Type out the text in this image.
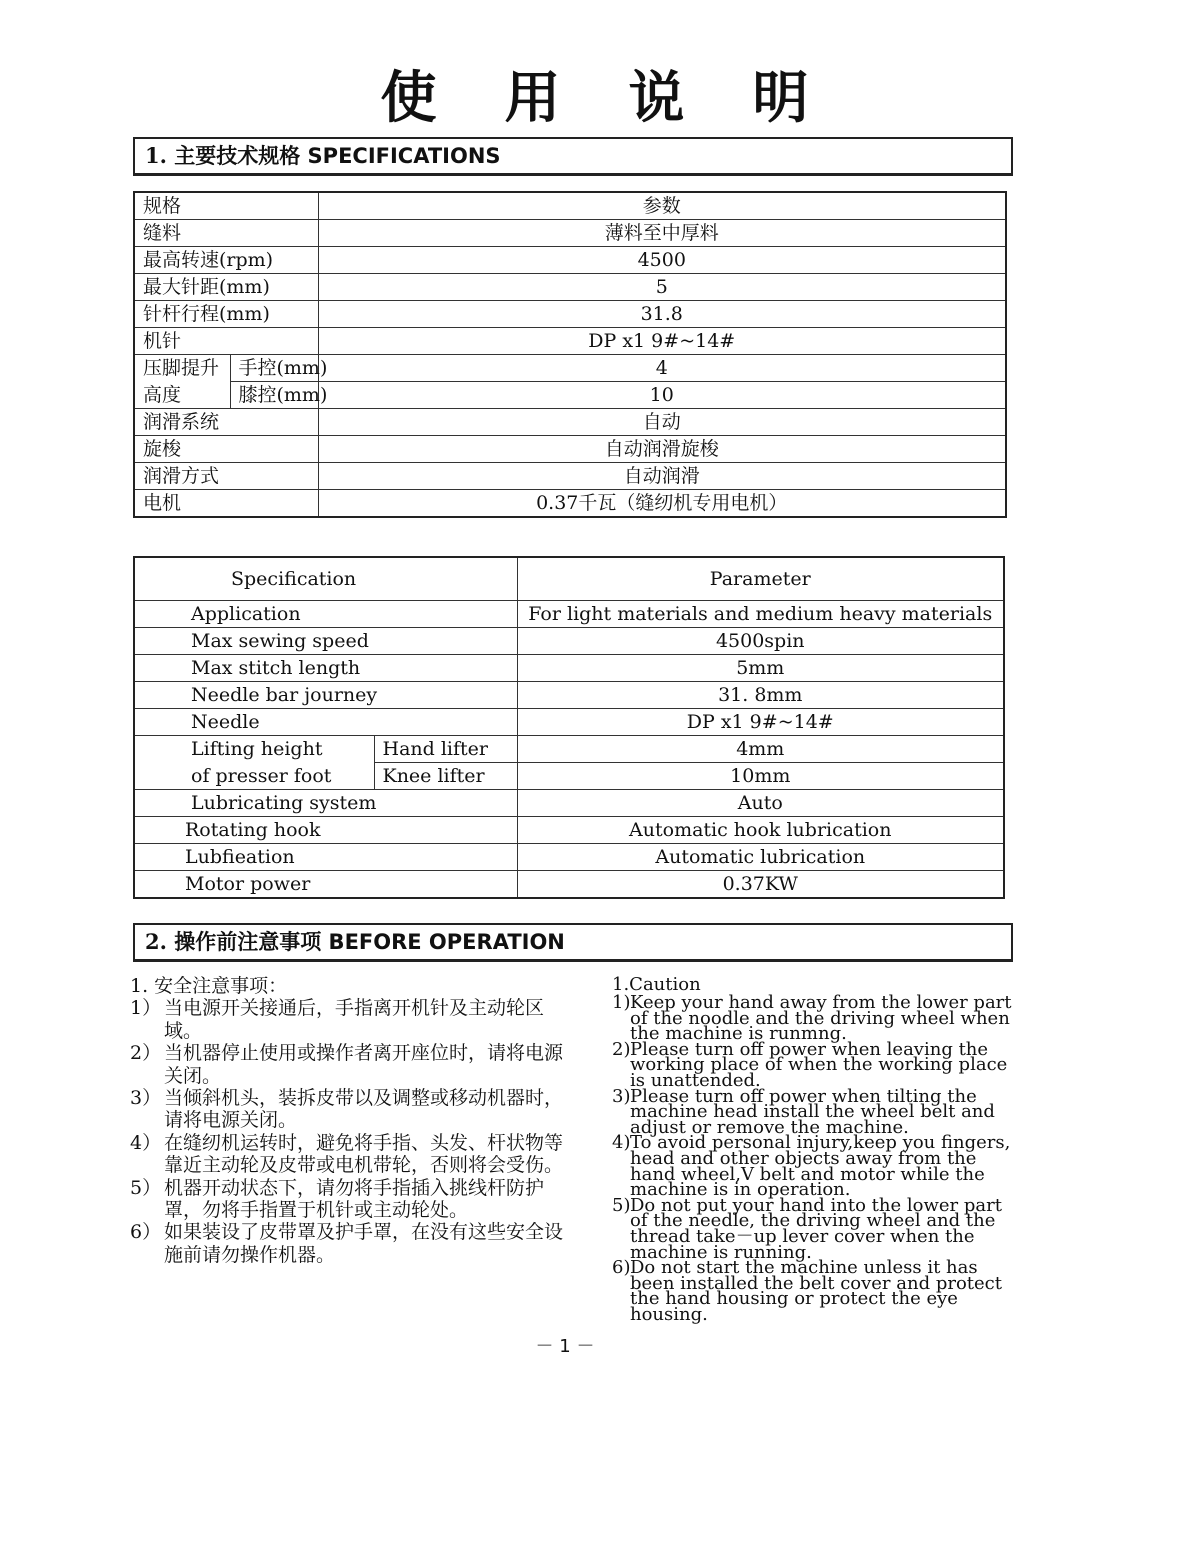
使 用 说 明
1. 主要技术规格 SPECIFICATIONS
规格		参数
缝料		薄料至中厚料
最高转速(rpm)		4500
最大针距(mm)		5
针杆行程(mm)		31.8
机针		DP x1 9#~14#
压脚提升	手控(mm)	4
高度	膝控(mm)	10
润滑系统		自动
旋梭		自动润滑旋梭
润滑方式		自动润滑
电机		0.37千瓦（缝纫机专用电机）
Specification		Parameter
Application		For light materials and medium heavy materials
Max sewing speed		4500spin
Max stitch length		5mm
Needle bar journey		31. 8mm
Needle		DP x1 9#~14#
Lifting height	Hand lifter	4mm
of presser foot	Knee lifter	10mm
Lubricating system		Auto
Rotating hook		Automatic hook lubrication
Lubfieation		Automatic lubrication
Motor power		0.37KW
2. 操作前注意事项 BEFORE OPERATION

1. 安全注意事项：

1） 当电源开关接通后，手指离开机针及主动轮区域。
2） 当机器停止使用或操作者离开座位时，请将电源关闭。
3） 当倾斜机头，装拆皮带以及调整或移动机器时，请将电源关闭。
4） 在缝纫机运转时，避免将手指、头发、杆状物等靠近主动轮及皮带或电机带轮，否则将会受伤。
5） 机器开动状态下，请勿将手指插入挑线杆防护罩，勿将手指置于机针或主动轮处。
6） 如果装设了皮带罩及护手罩，在没有这些安全设施前请勿操作机器。

1.Caution

1) Keep your hand away from the lower part of the noodle and the driving wheel when the machine is runmng.
2) Please turn off power when leaving the working place of when the working place is unattended.
3) Please turn off power when tilting the machine head install the wheel belt and adjust or remove the machine.
4) To avoid personal injury,keep you fingers, head and other objects away from the hand wheel,V belt and motor while the machine is in operation.
5) Do not put your hand into the lower part of the needle, the driving wheel and the thread take－up lever cover when the machine is running.
6) Do not start the machine unless it has been installed the belt cover and protect the hand housing or protect the eye housing.
－ 1 －
